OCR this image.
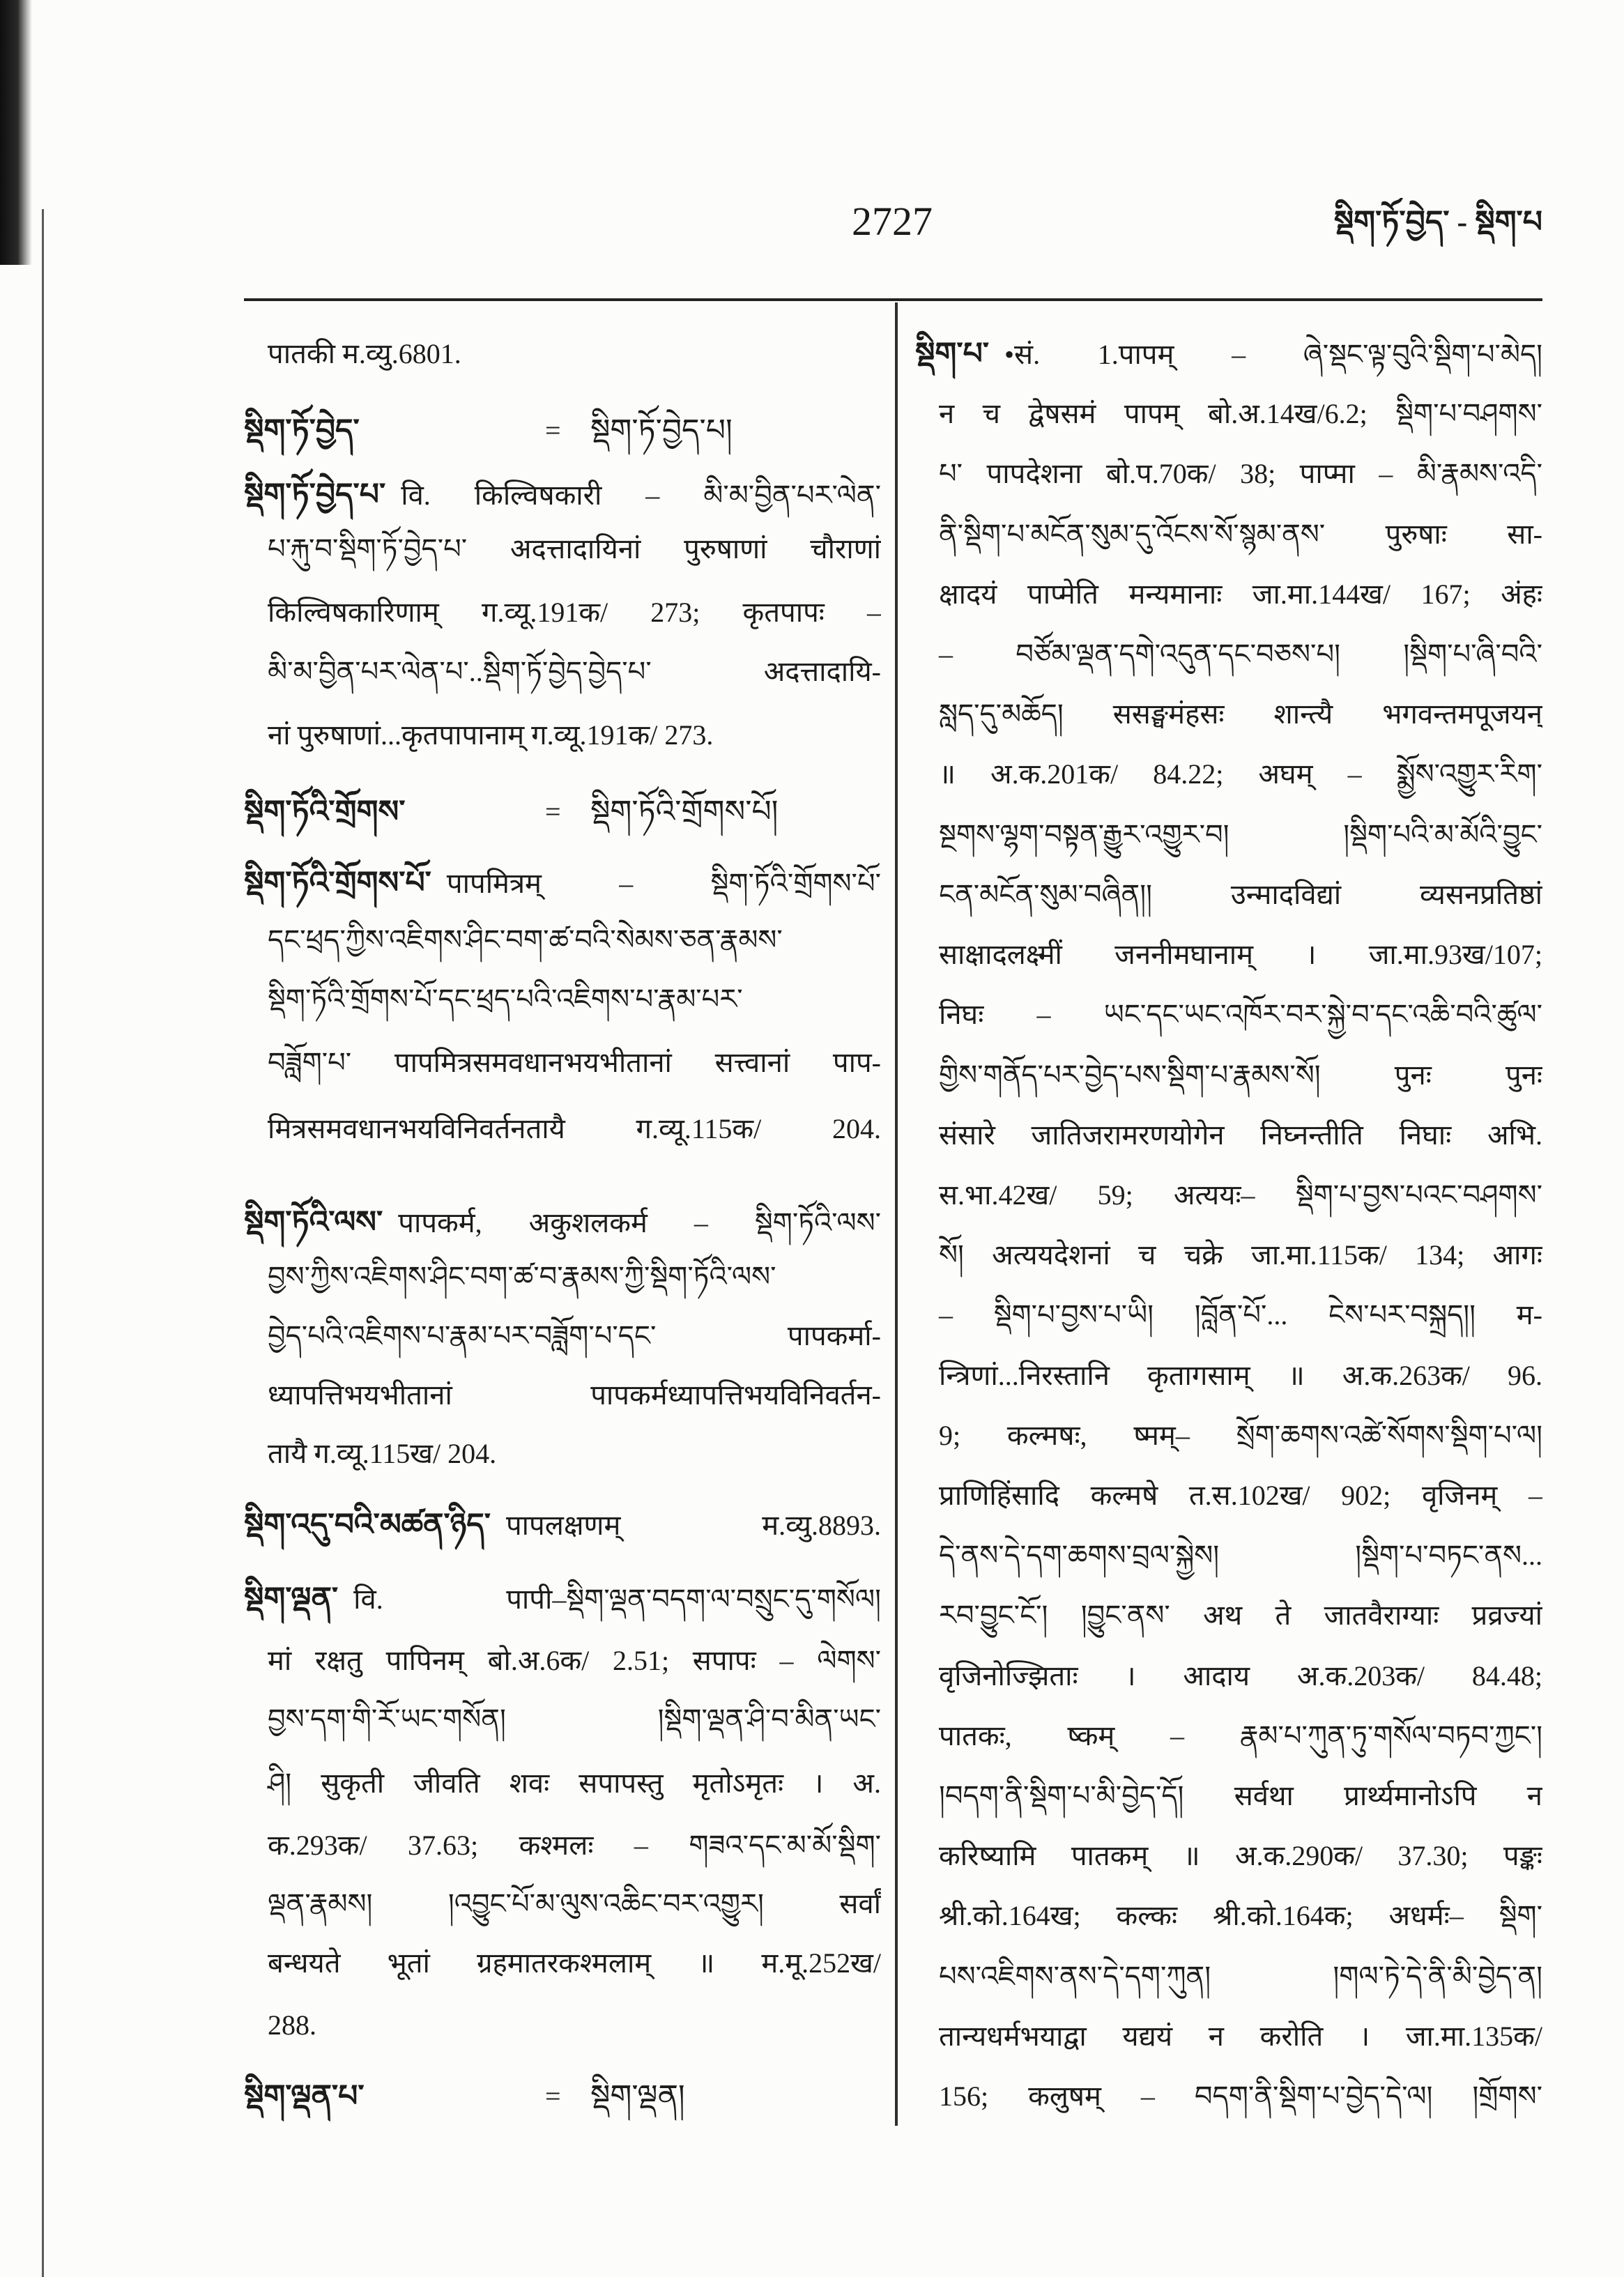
2727	སྡིག་ཏོ་བྱེད་ - སྡིག་པ
पातकी म.व्यु.6801.
སྡིག་ཏོ་བྱེད་	= སྡིག་ཏོ་བྱེད་པ།
སྡིག་ཏོ་བྱེད་པ་ वि. किल्विषकारी – མི་མ་བྱིན་པར་ལེན་
པ་རྐུ་བ་སྡིག་ཏོ་བྱེད་པ་ अदत्तादायिनां पुरुषाणां चौराणां
किल्विषकारिणाम् ग.व्यू.191क/ 273; कृतपापः –
མི་མ་བྱིན་པར་ལེན་པ་..སྡིག་ཏོ་བྱེད་བྱེད་པ་ अदत्तादायि-
नां पुरुषाणां...कृतपापानाम् ग.व्यू.191क/ 273.
སྡིག་ཏོའི་གྲོགས་	= སྡིག་ཏོའི་གྲོགས་པོ།
སྡིག་ཏོའི་གྲོགས་པོ་ पापमित्रम् – སྡིག་ཏོའི་གྲོགས་པོ་
དང་ཕྲད་ཀྱིས་འཇིགས་ཤིང་བག་ཚ་བའི་སེམས་ཅན་རྣམས་
སྡིག་ཏོའི་གྲོགས་པོ་དང་ཕྲད་པའི་འཇིགས་པ་རྣམ་པར་
བཟློག་པ་ पापमित्रसमवधानभयभीतानां सत्त्वानां पाप-
मित्रसमवधानभयविनिवर्तनतायै ग.व्यू.115क/ 204.
སྡིག་ཏོའི་ལས་ पापकर्म, अकुशलकर्म – སྡིག་ཏོའི་ལས་
བྱས་ཀྱིས་འཇིགས་ཤིང་བག་ཚ་བ་རྣམས་ཀྱི་སྡིག་ཏོའི་ལས་
བྱེད་པའི་འཇིགས་པ་རྣམ་པར་བཟློག་པ་དང་ पापकर्मा-
ध्यापत्तिभयभीतानां पापकर्मध्यापत्तिभयविनिवर्तन-
तायै ग.व्यू.115ख/ 204.
སྡིག་འདུ་བའི་མཚན་ཉིད་ पापलक्षणम् म.व्यु.8893.
སྡིག་ལྡན་ वि. पापी–སྡིག་ལྡན་བདག་ལ་བསྲུང་དུ་གསོལ།
मां रक्षतु पापिनम् बो.अ.6क/ 2.51; सपापः – ལེགས་
བྱས་དག་གི་རོ་ཡང་གསོན། །སྡིག་ལྡན་ཤི་བ་མིན་ཡང་
ཤི། सुकृती जीवति शवः सपापस्तु मृतोऽमृतः । अ.
क.293क/ 37.63; कश्मलः – གཟའ་དང་མ་མོ་སྡིག་
ལྡན་རྣམས། །འབྱུང་པོ་མ་ལུས་འཆིང་བར་འགྱུར། सर्वां
बन्धयते भूतां ग्रहमातरकश्मलाम् ॥ म.मू.252ख/
288.
སྡིག་ལྡན་པ་	= སྡིག་ལྡན།
སྡིག་པ་ •सं. 1.पापम् – ཞེ་སྡང་ལྟ་བུའི་སྡིག་པ་མེད།
न च द्वेषसमं पापम् बो.अ.14ख/6.2; སྡིག་པ་བཤགས་
པ་ पापदेशना बो.प.70क/ 38; पाप्मा – མི་རྣམས་འདི་
ནི་སྡིག་པ་མངོན་སུམ་དུ་འོངས་སོ་སྙམ་ནས་ पुरुषाः सा-
क्षादयं पाप्मेति मन्यमानाः जा.मा.144ख/ 167; अंहः
– བཙོམ་ལྡན་དགེ་འདུན་དང་བཅས་པ། །སྡིག་པ་ཞི་བའི་
སླད་དུ་མཆོད། ससङ्घमंहसः शान्त्यै भगवन्तमपूजयन्
॥ अ.क.201क/ 84.22; अघम् – སྨྱོས་འགྱུར་རིག་
སྔགས་ལྷག་བསྟན་རྒྱུར་འགྱུར་བ། །སྡིག་པའི་མ་མོའི་བྱུང་
ངན་མངོན་སུམ་བཞིན།། उन्मादविद्यां व्यसनप्रतिष्ठां
साक्षादलक्ष्मीं जननीमघानाम् । जा.मा.93ख/107;
निघः – ཡང་དང་ཡང་འཁོར་བར་སྐྱེ་བ་དང་འཆི་བའི་ཚུལ་
གྱིས་གནོད་པར་བྱེད་པས་སྡིག་པ་རྣམས་སོ། पुनः पुनः
संसारे जातिजरामरणयोगेन निघ्नन्तीति निघाः अभि.
स.भा.42ख/ 59; अत्ययः– སྡིག་པ་བྱས་པའང་བཤགས་
སོ། अत्ययदेशनां च चक्रे जा.मा.115क/ 134; आगः
– སྡིག་པ་བྱས་པ་ཡི། །བློན་པོ་... ངེས་པར་བསྐྲད།། म-
न्त्रिणां...निरस्तानि कृतागसाम् ॥ अ.क.263क/ 96.
9; कल्मषः, ष्मम्– སྲོག་ཆགས་འཚེ་སོགས་སྡིག་པ་ལ།
प्राणिहिंसादि कल्मषे त.स.102ख/ 902; वृजिनम् –
དེ་ནས་དེ་དག་ཆགས་བྲལ་སྐྱེས། །སྡིག་པ་བཏང་ནས...
རབ་བྱུང་ངོ་། །བྱུང་ནས་ अथ ते जातवैराग्याः प्रव्रज्यां
वृजिनोज्झिताः । आदाय अ.क.203क/ 84.48;
पातकः, ष्कम् – རྣམ་པ་ཀུན་ཏུ་གསོལ་བཏབ་ཀྱང་།
།བདག་ནི་སྡིག་པ་མི་བྱེད་དོ། सर्वथा प्रार्थ्यमानोऽपि न
करिष्यामि पातकम् ॥ अ.क.290क/ 37.30; पङ्कः
श्री.को.164ख; कल्कः श्री.को.164क; अधर्मः– སྡིག་
པས་འཇིགས་ནས་དེ་དག་ཀུན། །གལ་ཏེ་དེ་ནི་མི་བྱེད་ན།
तान्यधर्मभयाद्वा यद्ययं न करोति । जा.मा.135क/
156; कलुषम् – བདག་ནི་སྡིག་པ་བྱེད་དེ་ལ། །གྲོགས་
